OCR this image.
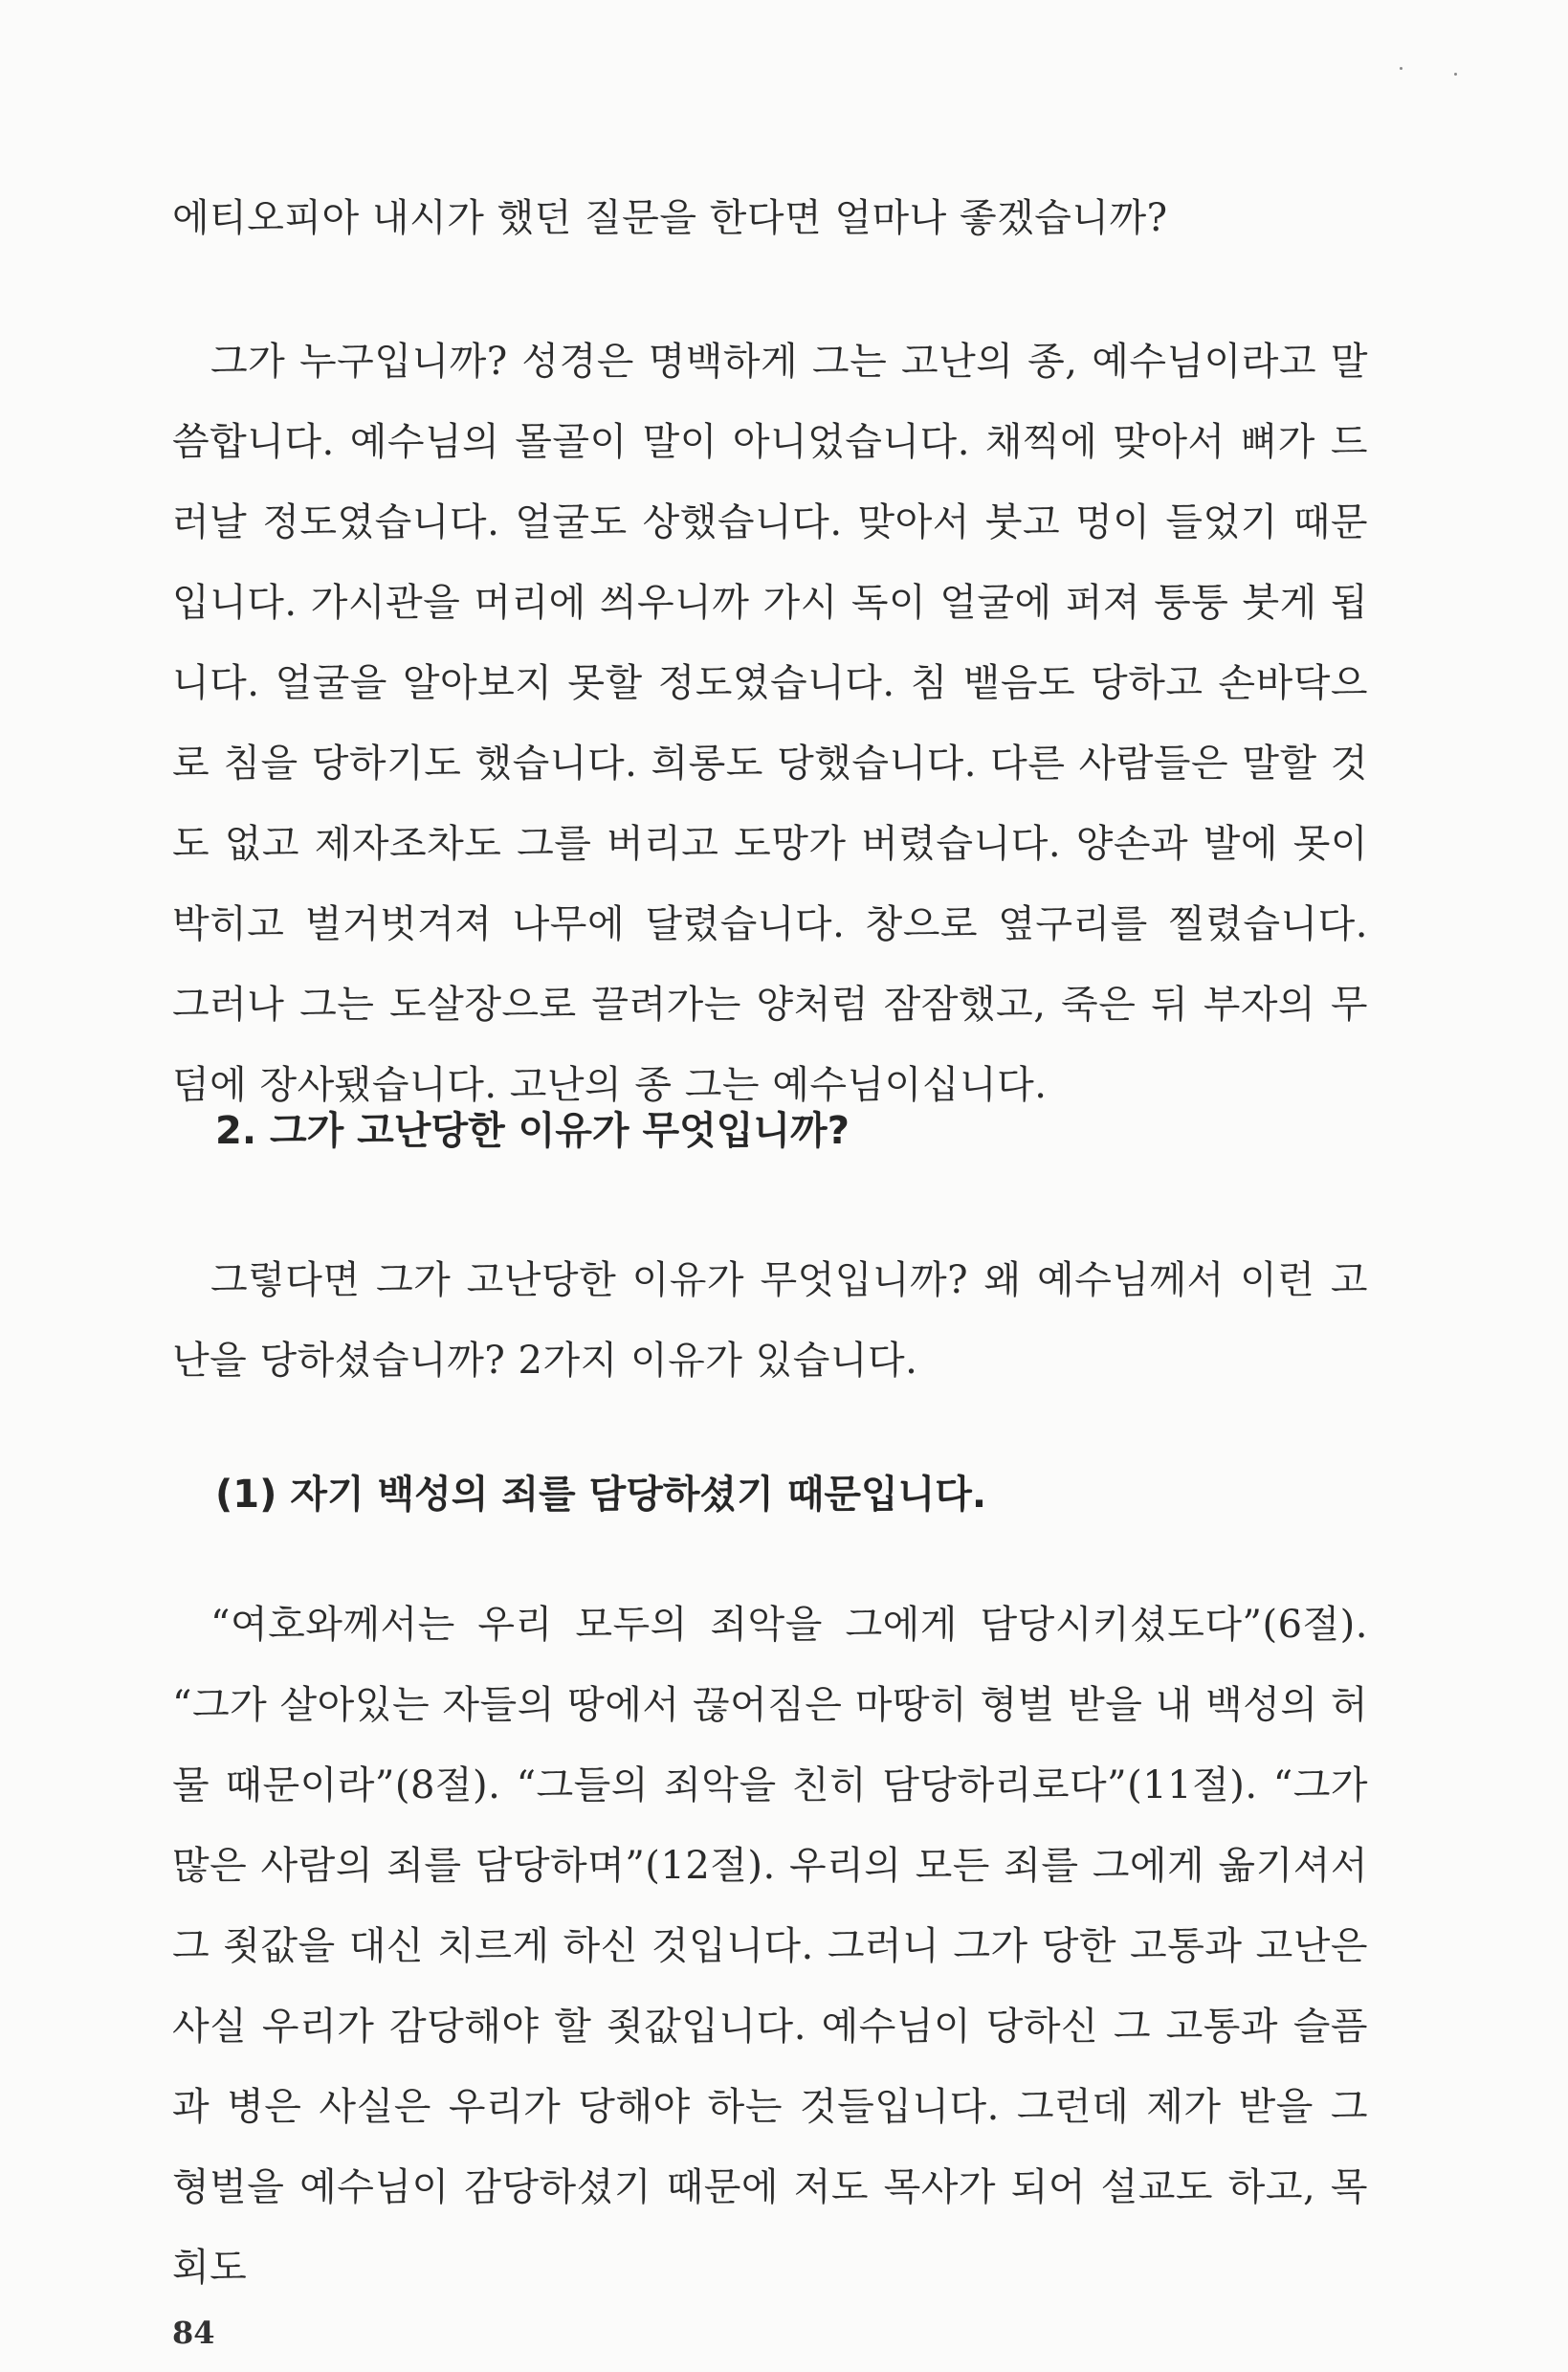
에티오피아 내시가 했던 질문을 한다면 얼마나 좋겠습니까?

그가 누구입니까? 성경은 명백하게 그는 고난의 종, 예수님이라고 말씀합니다. 예수님의 몰골이 말이 아니었습니다. 채찍에 맞아서 뼈가 드러날 정도였습니다. 얼굴도 상했습니다. 맞아서 붓고 멍이 들었기 때문입니다. 가시관을 머리에 씌우니까 가시 독이 얼굴에 퍼져 퉁퉁 붓게 됩니다. 얼굴을 알아보지 못할 정도였습니다. 침 뱉음도 당하고 손바닥으로 침을 당하기도 했습니다. 희롱도 당했습니다. 다른 사람들은 말할 것도 없고 제자조차도 그를 버리고 도망가 버렸습니다. 양손과 발에 못이 박히고 벌거벗겨져 나무에 달렸습니다. 창으로 옆구리를 찔렸습니다. 그러나 그는 도살장으로 끌려가는 양처럼 잠잠했고, 죽은 뒤 부자의 무덤에 장사됐습니다. 고난의 종 그는 예수님이십니다.

2. 그가 고난당한 이유가 무엇입니까?

그렇다면 그가 고난당한 이유가 무엇입니까? 왜 예수님께서 이런 고난을 당하셨습니까? 2가지 이유가 있습니다.

(1) 자기 백성의 죄를 담당하셨기 때문입니다.

“여호와께서는 우리 모두의 죄악을 그에게 담당시키셨도다”(6절). “그가 살아있는 자들의 땅에서 끊어짐은 마땅히 형벌 받을 내 백성의 허물 때문이라”(8절). “그들의 죄악을 친히 담당하리로다”(11절). “그가 많은 사람의 죄를 담당하며”(12절). 우리의 모든 죄를 그에게 옮기셔서 그 죗값을 대신 치르게 하신 것입니다. 그러니 그가 당한 고통과 고난은 사실 우리가 감당해야 할 죗값입니다. 예수님이 당하신 그 고통과 슬픔과 병은 사실은 우리가 당해야 하는 것들입니다. 그런데 제가 받을 그 형벌을 예수님이 감당하셨기 때문에 저도 목사가 되어 설교도 하고, 목회도

84
